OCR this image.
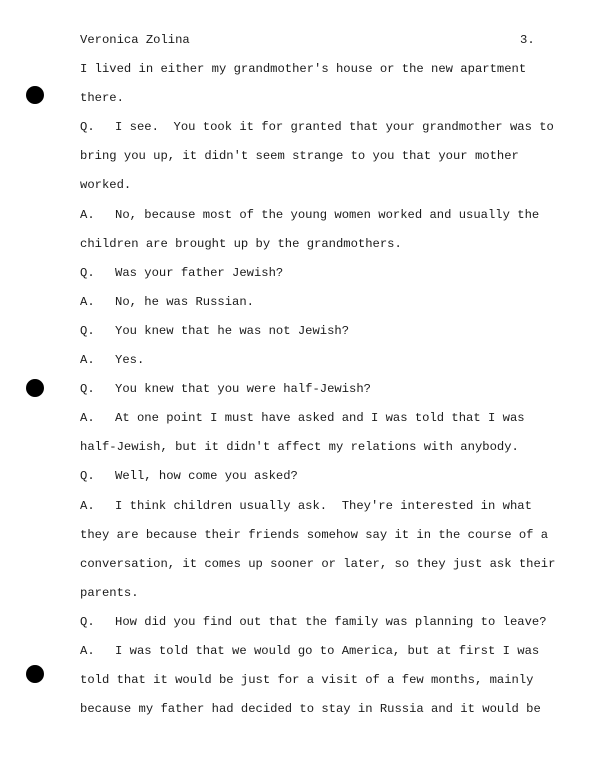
Veronica Zolina	3.
I lived in either my grandmother's house or the new apartment
there.
Q. I see.  You took it for granted that your grandmother was to
bring you up, it didn't seem strange to you that your mother
worked.
A. No, because most of the young women worked and usually the
children are brought up by the grandmothers.
Q. Was your father Jewish?
A. No, he was Russian.
Q. You knew that he was not Jewish?
A. Yes.
Q. You knew that you were half-Jewish?
A. At one point I must have asked and I was told that I was
half-Jewish, but it didn't affect my relations with anybody.
Q. Well, how come you asked?
A. I think children usually ask.  They're interested in what
they are because their friends somehow say it in the course of a
conversation, it comes up sooner or later, so they just ask their
parents.
Q. How did you find out that the family was planning to leave?
A. I was told that we would go to America, but at first I was
told that it would be just for a visit of a few months, mainly
because my father had decided to stay in Russia and it would be
